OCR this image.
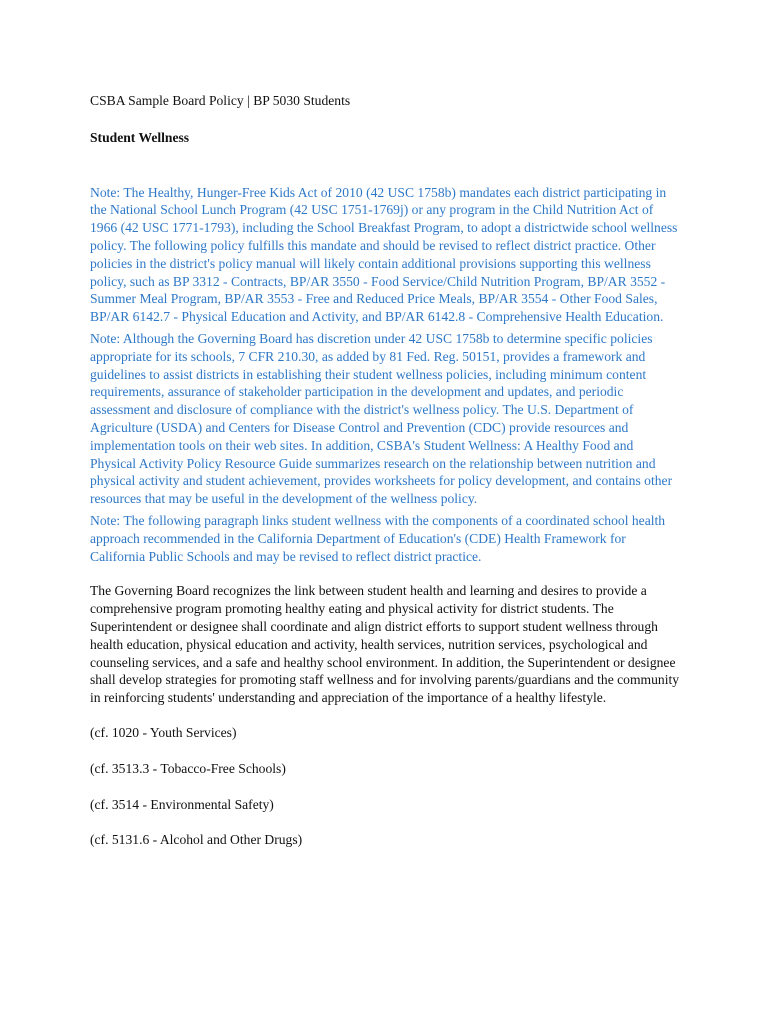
CSBA Sample Board Policy | BP 5030 Students

Student Wellness

Note: The Healthy, Hunger-Free Kids Act of 2010 (42 USC 1758b) mandates each district participating in the National School Lunch Program (42 USC 1751-1769j) or any program in the Child Nutrition Act of 1966 (42 USC 1771-1793), including the School Breakfast Program, to adopt a districtwide school wellness policy. The following policy fulfills this mandate and should be revised to reflect district practice. Other policies in the district's policy manual will likely contain additional provisions supporting this wellness policy, such as BP 3312 - Contracts, BP/AR 3550 - Food Service/Child Nutrition Program, BP/AR 3552 - Summer Meal Program, BP/AR 3553 - Free and Reduced Price Meals, BP/AR 3554 - Other Food Sales, BP/AR 6142.7 - Physical Education and Activity, and BP/AR 6142.8 - Comprehensive Health Education.

Note: Although the Governing Board has discretion under 42 USC 1758b to determine specific policies appropriate for its schools, 7 CFR 210.30, as added by 81 Fed. Reg. 50151, provides a framework and guidelines to assist districts in establishing their student wellness policies, including minimum content requirements, assurance of stakeholder participation in the development and updates, and periodic assessment and disclosure of compliance with the district's wellness policy. The U.S. Department of Agriculture (USDA) and Centers for Disease Control and Prevention (CDC) provide resources and implementation tools on their web sites. In addition, CSBA's Student Wellness: A Healthy Food and Physical Activity Policy Resource Guide summarizes research on the relationship between nutrition and physical activity and student achievement, provides worksheets for policy development, and contains other resources that may be useful in the development of the wellness policy.

Note: The following paragraph links student wellness with the components of a coordinated school health approach recommended in the California Department of Education's (CDE) Health Framework for California Public Schools and may be revised to reflect district practice.

The Governing Board recognizes the link between student health and learning and desires to provide a comprehensive program promoting healthy eating and physical activity for district students. The Superintendent or designee shall coordinate and align district efforts to support student wellness through health education, physical education and activity, health services, nutrition services, psychological and counseling services, and a safe and healthy school environment. In addition, the Superintendent or designee shall develop strategies for promoting staff wellness and for involving parents/guardians and the community in reinforcing students' understanding and appreciation of the importance of a healthy lifestyle.

(cf. 1020 - Youth Services)

(cf. 3513.3 - Tobacco-Free Schools)

(cf. 3514 - Environmental Safety)

(cf. 5131.6 - Alcohol and Other Drugs)
